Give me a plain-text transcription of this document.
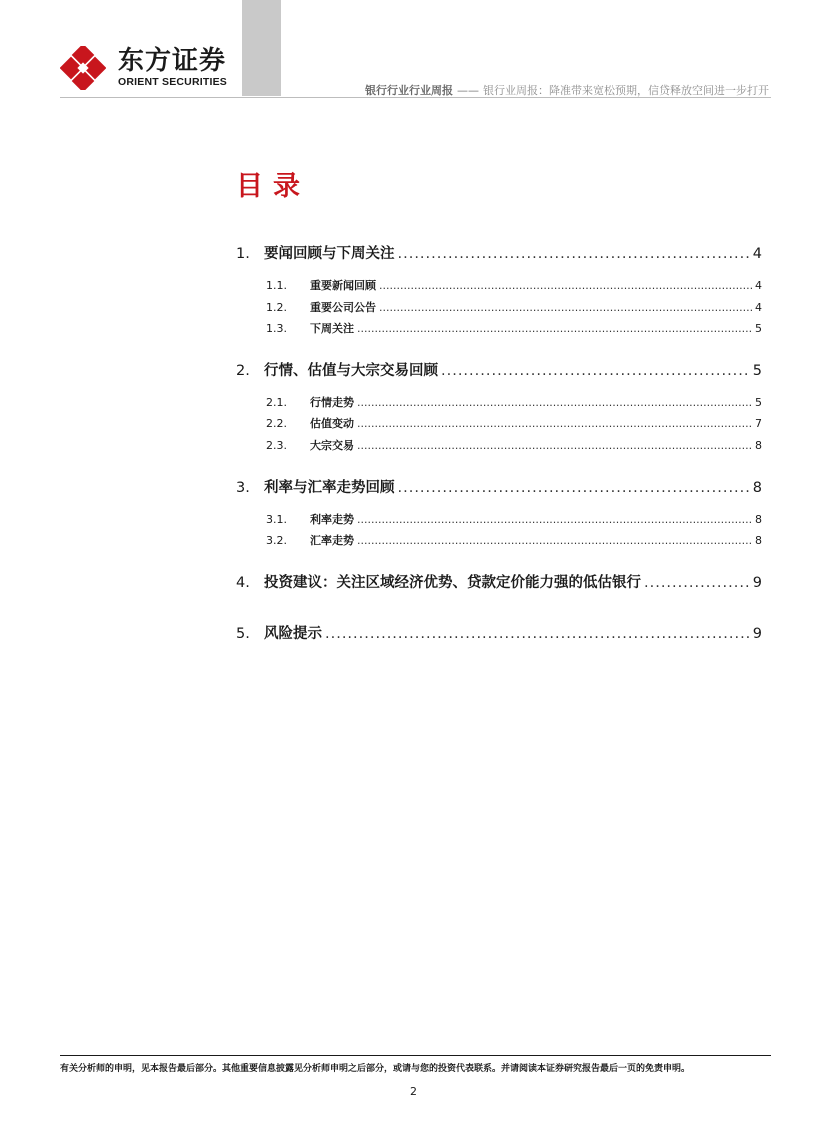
东方证券
ORIENT SECURITIES
银行行业行业周报 —— 银行业周报：降准带来宽松预期，信贷释放空间进一步打开
目录
1. 要闻回顾与下周关注 .....	4
1.1.	重要新闻回顾 .....	4
1.2.	重要公司公告 .....	4
1.3.	下周关注 .....	5
2. 行情、估值与大宗交易回顾 .....	5
2.1.	行情走势 .....	5
2.2.	估值变动 .....	7
2.3.	大宗交易 .....	8
3. 利率与汇率走势回顾 .....	8
3.1.	利率走势 .....	8
3.2.	汇率走势 .....	8
4. 投资建议：关注区域经济优势、贷款定价能力强的低估银行 .....	9
5. 风险提示 .....	9
有关分析师的申明，见本报告最后部分。其他重要信息披露见分析师申明之后部分，或请与您的投资代表联系。并请阅读本证券研究报告最后一页的免责申明。
2
